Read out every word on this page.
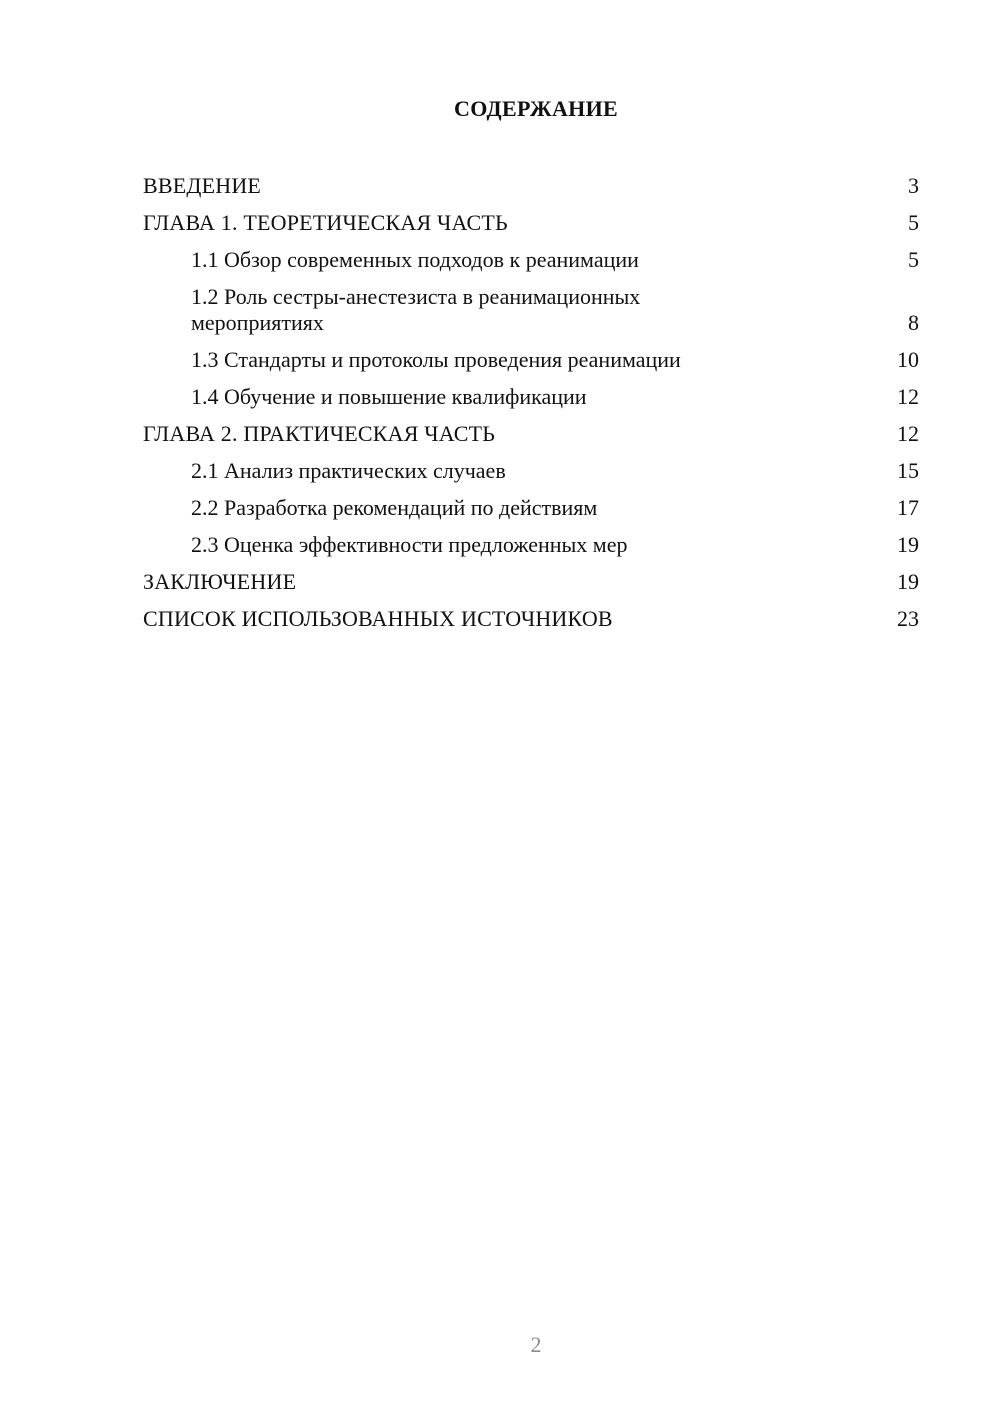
СОДЕРЖАНИЕ
ВВЕДЕНИЕ	3
ГЛАВА 1. ТЕОРЕТИЧЕСКАЯ ЧАСТЬ	5
1.1 Обзор современных подходов к реанимации	5
1.2 Роль сестры-анестезиста в реанимационных мероприятиях	8
1.3 Стандарты и протоколы проведения реанимации	10
1.4 Обучение и повышение квалификации	12
ГЛАВА 2. ПРАКТИЧЕСКАЯ ЧАСТЬ	12
2.1 Анализ практических случаев	15
2.2 Разработка рекомендаций по действиям	17
2.3 Оценка эффективности предложенных мер	19
ЗАКЛЮЧЕНИЕ	19
СПИСОК ИСПОЛЬЗОВАННЫХ ИСТОЧНИКОВ	23
2
